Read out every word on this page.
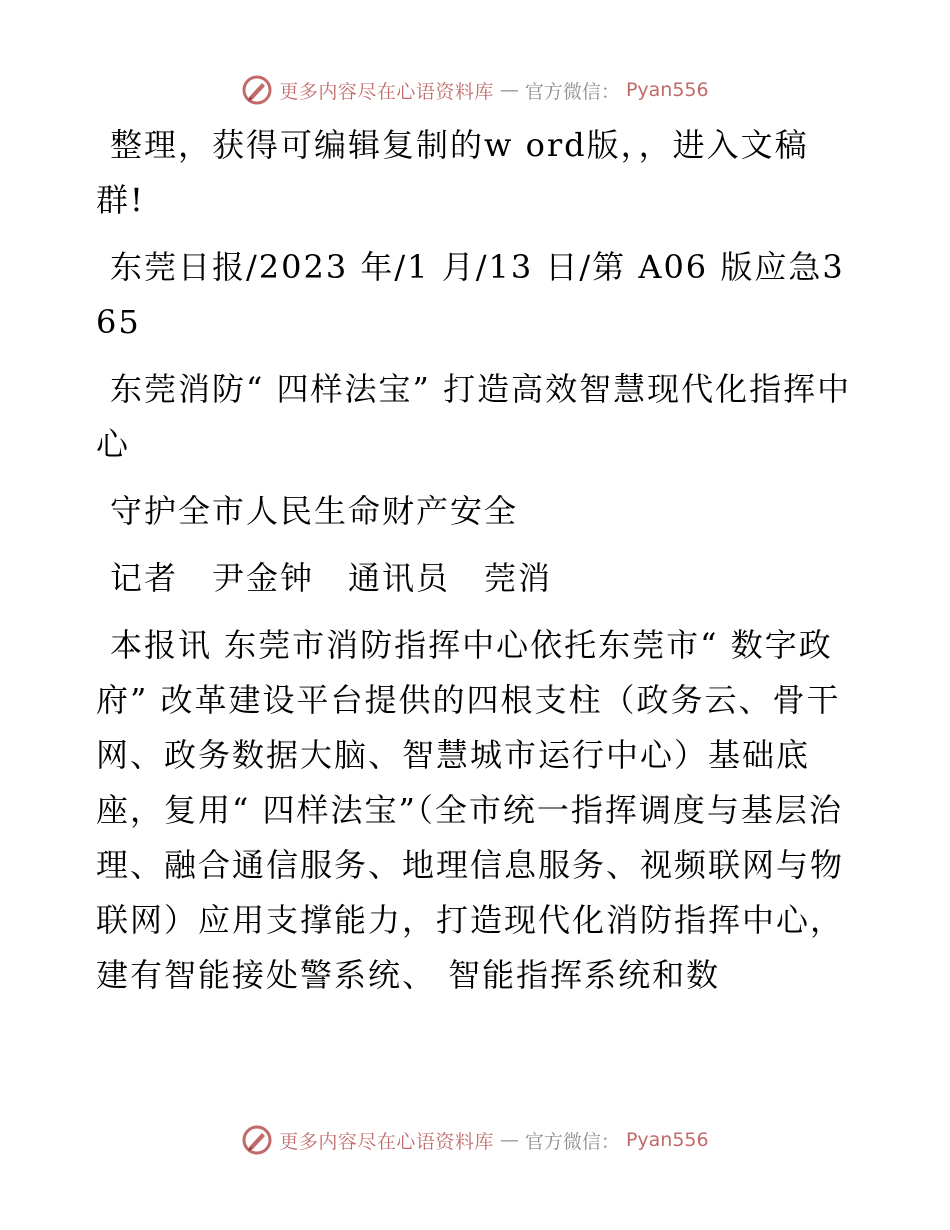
更多内容尽在心语资料库 — 官方微信： Pyan556

整理，获得可编辑复制的w ord版，，进入文稿群!

东莞日报/2023 年/1 月/13 日/第 A06 版应急365

东莞消防“ 四样法宝” 打造高效智慧现代化指挥中心

守护全市人民生命财产安全

记者　尹金钟　通讯员　莞消

本报讯 东莞市消防指挥中心依托东莞市“ 数字政府” 改革建设平台提供的四根支柱（政务云、骨干网、政务数据大脑、智慧城市运行中心）基础底座，复用“ 四样法宝”（全市统一指挥调度与基层治理、融合通信服务、地理信息服务、视频联网与物联网）应用支撑能力，打造现代化消防指挥中心， 建有智能接处警系统、 智能指挥系统和数

更多内容尽在心语资料库 — 官方微信： Pyan556
